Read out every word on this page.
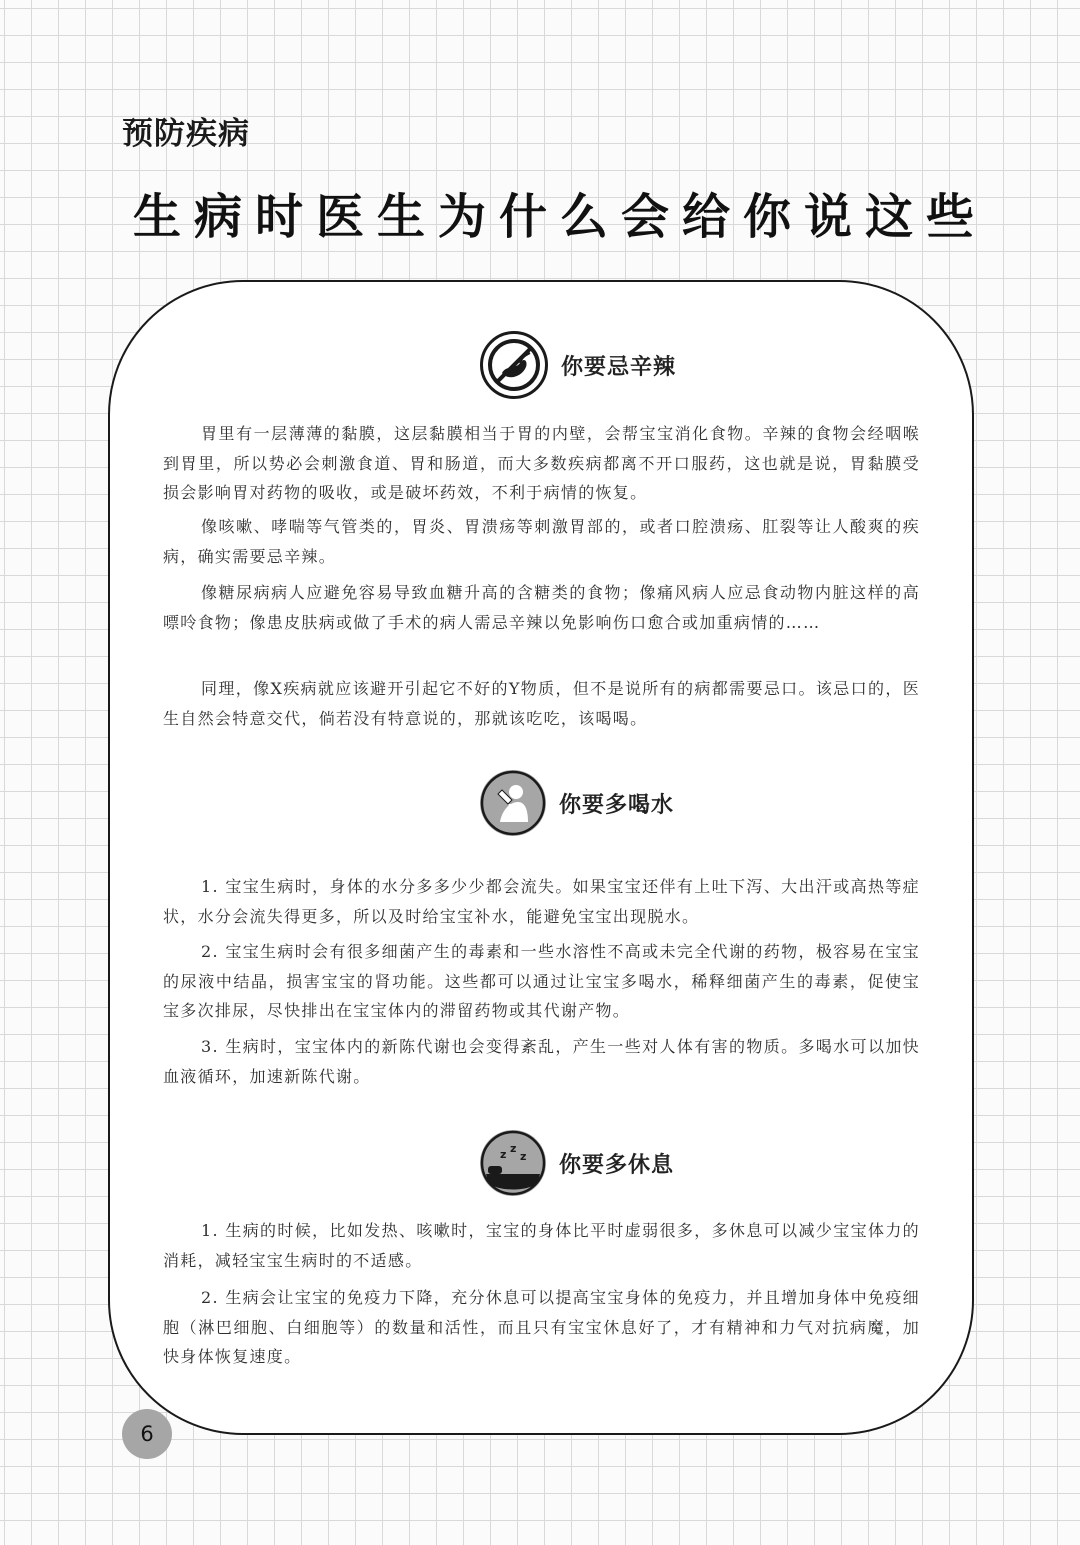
预防疾病
生病时医生为什么会给你说这些
你要忌辛辣

胃里有一层薄薄的黏膜，这层黏膜相当于胃的内壁，会帮宝宝消化食物。辛辣的食物会经咽喉到胃里，所以势必会刺激食道、胃和肠道，而大多数疾病都离不开口服药，这也就是说，胃黏膜受损会影响胃对药物的吸收，或是破坏药效，不利于病情的恢复。

像咳嗽、哮喘等气管类的，胃炎、胃溃疡等刺激胃部的，或者口腔溃疡、肛裂等让人酸爽的疾病，确实需要忌辛辣。

像糖尿病病人应避免容易导致血糖升高的含糖类的食物；像痛风病人应忌食动物内脏这样的高嘌呤食物；像患皮肤病或做了手术的病人需忌辛辣以免影响伤口愈合或加重病情的……

同理，像X疾病就应该避开引起它不好的Y物质，但不是说所有的病都需要忌口。该忌口的，医生自然会特意交代，倘若没有特意说的，那就该吃吃，该喝喝。

你要多喝水

1. 宝宝生病时，身体的水分多多少少都会流失。如果宝宝还伴有上吐下泻、大出汗或高热等症状，水分会流失得更多，所以及时给宝宝补水，能避免宝宝出现脱水。

2. 宝宝生病时会有很多细菌产生的毒素和一些水溶性不高或未完全代谢的药物，极容易在宝宝的尿液中结晶，损害宝宝的肾功能。这些都可以通过让宝宝多喝水，稀释细菌产生的毒素，促使宝宝多次排尿，尽快排出在宝宝体内的滞留药物或其代谢产物。

3. 生病时，宝宝体内的新陈代谢也会变得紊乱，产生一些对人体有害的物质。多喝水可以加快血液循环，加速新陈代谢。

z z
z 你要多休息

1. 生病的时候，比如发热、咳嗽时，宝宝的身体比平时虚弱很多，多休息可以减少宝宝体力的消耗，减轻宝宝生病时的不适感。

2. 生病会让宝宝的免疫力下降，充分休息可以提高宝宝身体的免疫力，并且增加身体中免疫细胞（淋巴细胞、白细胞等）的数量和活性，而且只有宝宝休息好了，才有精神和力气对抗病魔，加快身体恢复速度。

6
